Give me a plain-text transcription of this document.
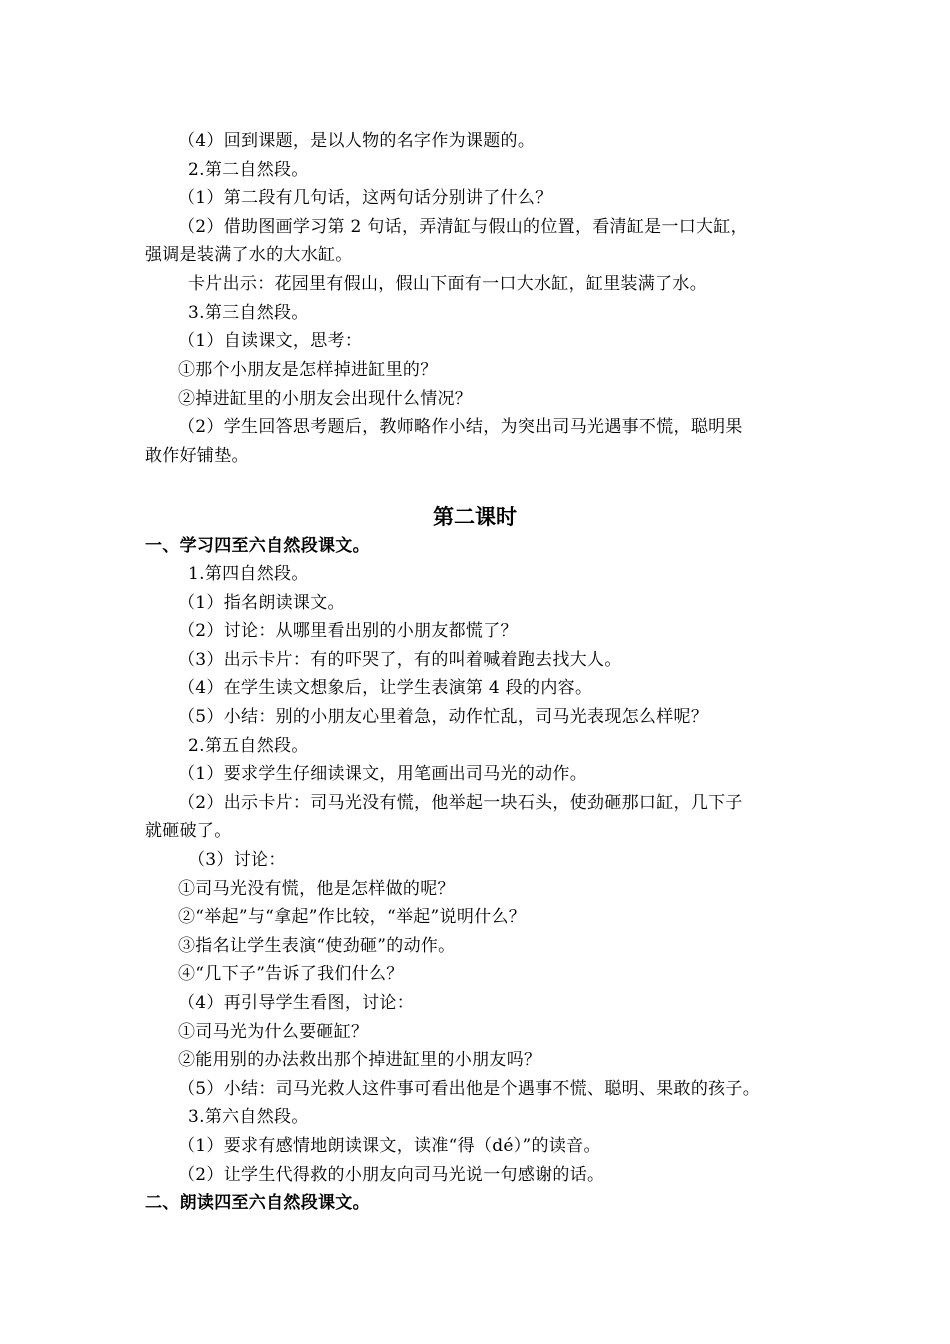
（4）回到课题，是以人物的名字作为课题的。
2.第二自然段。
（1）第二段有几句话，这两句话分别讲了什么？
（2）借助图画学习第 2 句话，弄清缸与假山的位置，看清缸是一口大缸，
强调是装满了水的大水缸。
卡片出示：花园里有假山，假山下面有一口大水缸，缸里装满了水。
3.第三自然段。
（1）自读课文，思考：
①那个小朋友是怎样掉进缸里的？
②掉进缸里的小朋友会出现什么情况？
（2）学生回答思考题后，教师略作小结，为突出司马光遇事不慌，聪明果
敢作好铺垫。
第二课时
一、学习四至六自然段课文。
1.第四自然段。
（1）指名朗读课文。
（2）讨论：从哪里看出别的小朋友都慌了？
（3）出示卡片：有的吓哭了，有的叫着喊着跑去找大人。
（4）在学生读文想象后，让学生表演第 4 段的内容。
（5）小结：别的小朋友心里着急，动作忙乱，司马光表现怎么样呢？
2.第五自然段。
（1）要求学生仔细读课文，用笔画出司马光的动作。
（2）出示卡片：司马光没有慌，他举起一块石头，使劲砸那口缸，几下子
就砸破了。
（3）讨论：
①司马光没有慌，他是怎样做的呢？
②“举起”与“拿起”作比较，“举起”说明什么？
③指名让学生表演“使劲砸”的动作。
④“几下子”告诉了我们什么？
（4）再引导学生看图，讨论：
①司马光为什么要砸缸？
②能用别的办法救出那个掉进缸里的小朋友吗？
（5）小结：司马光救人这件事可看出他是个遇事不慌、聪明、果敢的孩子。
3.第六自然段。
（1）要求有感情地朗读课文，读准“得（dé）”的读音。
（2）让学生代得救的小朋友向司马光说一句感谢的话。
二、朗读四至六自然段课文。
